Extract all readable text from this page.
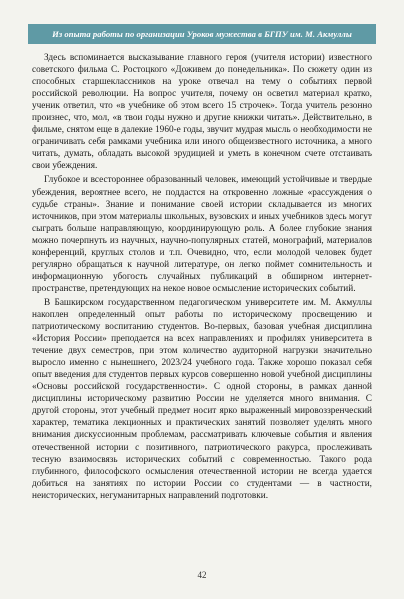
Из опыта работы по организации Уроков мужества в БГПУ им. М. Акмуллы

Здесь вспоминается высказывание главного героя (учителя истории) известного советского фильма С. Ростоцкого «Доживем до понедельника». По сюжету один из способных старшеклассников на уроке отвечал на тему о событиях первой российской революции. На вопрос учителя, почему он осветил материал кратко, ученик ответил, что «в учебнике об этом всего 15 строчек». Тогда учитель резонно произнес, что, мол, «в твои годы нужно и другие книжки читать». Действительно, в фильме, снятом еще в далекие 1960-е годы, звучит мудрая мысль о необходимости не ограничивать себя рамками учебника или иного общеизвестного источника, а много читать, думать, обладать высокой эрудицией и уметь в конечном счете отстаивать свои убеждения.

Глубокое и всестороннее образованный человек, имеющий устойчивые и твердые убеждения, вероятнее всего, не поддастся на откровенно ложные «рассуждения о судьбе страны». Знание и понимание своей истории складывается из многих источников, при этом материалы школьных, вузовских и иных учебников здесь могут сыграть больше направляющую, координирующую роль. А более глубокие знания можно почерпнуть из научных, научно-популярных статей, монографий, материалов конференций, круглых столов и т.п. Очевидно, что, если молодой человек будет регулярно обращаться к научной литературе, он легко поймет сомнительность и информационную убогость случайных публикаций в обширном интернет-пространстве, претендующих на некое новое осмысление исторических событий.

В Башкирском государственном педагогическом университете им. М. Акмуллы накоплен определенный опыт работы по историческому просвещению и патриотическому воспитанию студентов. Во-первых, базовая учебная дисциплина «История России» преподается на всех направлениях и профилях университета в течение двух семестров, при этом количество аудиторной нагрузки значительно выросло именно с нынешнего, 2023/24 учебного года. Также хорошо показал себя опыт введения для студентов первых курсов совершенно новой учебной дисциплины «Основы российской государственности». С одной стороны, в рамках данной дисциплины историческому развитию России не уделяется много внимания. С другой стороны, этот учебный предмет носит ярко выраженный мировоззренческий характер, тематика лекционных и практических занятий позволяет уделять много внимания дискуссионным проблемам, рассматривать ключевые события и явления отечественной истории с позитивного, патриотического ракурса, прослеживать тесную взаимосвязь исторических событий с современностью. Такого рода глубинного, философского осмысления отечественной истории не всегда удается добиться на занятиях по истории России со студентами — в частности, неисторических, негуманитарных направлений подготовки.

42
